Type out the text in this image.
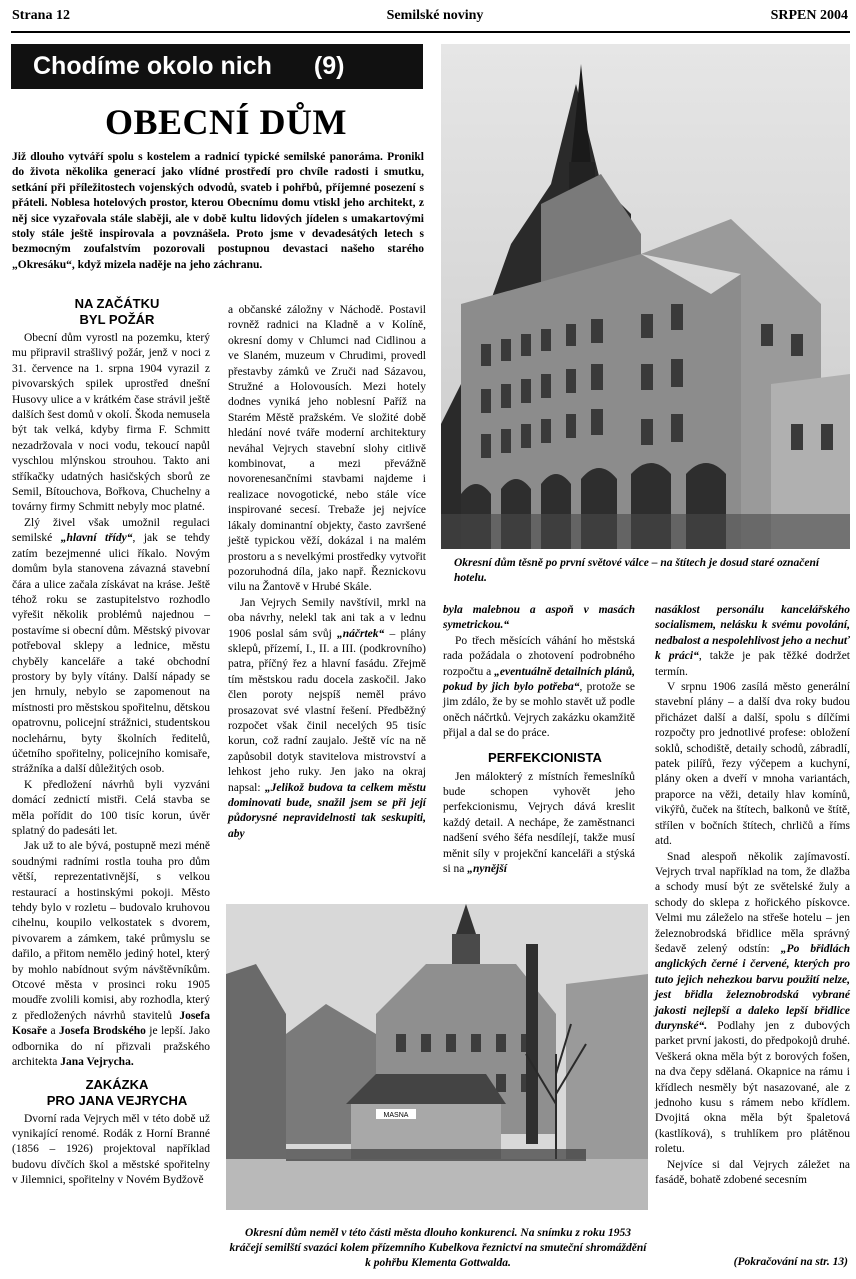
Strana 12	Semilské noviny	SRPEN 2004
Chodíme okolo nich (9)
OBECNÍ DŮM
Již dlouho vytváří spolu s kostelem a radnicí typické semilské panoráma. Pronikl do života několika generací jako vlídné prostředí pro chvíle radosti i smutku, setkání při příležitostech vojenských odvodů, svateb i pohřbů, příjemné posezení s přáteli. Noblesa hotelových prostor, kterou Obecnímu domu vtiskl jeho architekt, z něj sice vyzařovala stále slaběji, ale v době kultu lidových jídelen s umakartovými stoly stále ještě inspirovala a povznášela. Proto jsme v devadesátých letech s bezmocným zoufalstvím pozorovali postupnou devastaci našeho starého „Okresáku“, když mizela naděje na jeho záchranu.
Okresní dům těsně po první světové válce – na štítech je dosud staré označení hotelu.

NA ZAČÁTKU

BYL POŽÁR

Obecní dům vyrostl na pozemku, který mu připravil strašlivý požár, jenž v noci z 31. července na 1. srpna 1904 vyrazil z pivovarských spilek uprostřed dnešní Husovy ulice a v krátkém čase strávil ještě dalších šest domů v okolí. Škoda nemusela být tak velká, kdyby firma F. Schmitt nezadržovala v noci vodu, tekoucí napůl vyschlou mlýnskou strouhou. Takto ani stříkačky udatných hasičských sborů ze Semil, Bítouchova, Bořkova, Chuchelny a továrny firmy Schmitt nebyly moc platné.

Zlý živel však umožnil regulaci semilské „hlavní třídy“, jak se tehdy zatím bezejmenné ulici říkalo. Novým domům byla stanovena závazná stavební čára a ulice začala získávat na kráse. Ještě téhož roku se zastupitelstvo rozhodlo vyřešit několik problémů najednou – postavíme si obecní dům. Městský pivovar potřeboval sklepy a lednice, městu chyběly kanceláře a také obchodní prostory by byly vítány. Další nápady se jen hrnuly, nebylo se zapomenout na místnosti pro městskou spořitelnu, dětskou opatrovnu, policejní strážnici, studentskou noclehárnu, byty školních ředitelů, účetního spořitelny, policejního komisaře, strážníka a další důležitých osob.

K předložení návrhů byli vyzváni domácí zednictí mistři. Celá stavba se měla pořídit do 100 tisíc korun, úvěr splatný do padesáti let.

Jak už to ale bývá, postupně mezi méně soudnými radními rostla touha pro dům větší, reprezentativnější, s velkou restaurací a hostinskými pokoji. Město tehdy bylo v rozletu – budovalo kruhovou cihelnu, koupilo velkostatek s dvorem, pivovarem a zámkem, také průmyslu se dařilo, a přitom nemělo jediný hotel, který by mohlo nabídnout svým návštěvníkům. Otcové města v prosinci roku 1905 moudře zvolili komisi, aby rozhodla, který z předložených návrhů stavitelů Josefa Kosaře a Josefa Brodského je lepší. Jako odbornika do ní přizvali pražského architekta Jana Vejrycha.

ZAKÁZKA

PRO JANA VEJRYCHA

Dvorní rada Vejrych měl v této době už vynikající renomé. Rodák z Horní Branné (1856 – 1926) projektoval například budovu dívčích škol a městské spořitelny v Jilemnici, spořitelny v Novém Bydžově

a občanské záložny v Náchodě. Postavil rovněž radnici na Kladně a v Kolíně, okresní domy v Chlumci nad Cidlinou a ve Slaném, muzeum v Chrudimi, provedl přestavby zámků ve Zruči nad Sázavou, Stružné a Holovousích. Mezi hotely dodnes vyniká jeho noblesní Paříž na Starém Městě pražském. Ve složité době hledání nové tváře moderní architektury neváhal Vejrych stavební slohy citlivě kombinovat, a mezi převážně novorenesančními stavbami najdeme i realizace novogotické, nebo stále více inspirované secesí. Trebaže jej nejvíce lákaly dominantní objekty, často završené ještě typickou věží, dokázal i na malém prostoru a s nevelkými prostředky vytvořit pozoruhodná díla, jako např. Řeznickovu vilu na Žantově v Hrubé Skále.

Jan Vejrych Semily navštívil, mrkl na oba návrhy, nelekl tak ani tak a v lednu 1906 poslal sám svůj „náčrtek“ – plány sklepů, přízemí, I., II. a III. (podkrovního) patra, příčný řez a hlavní fasádu. Zřejmě tím městskou radu docela zaskočil. Jako člen poroty nejspíš neměl právo prosazovat své vlastní řešení. Předběžný rozpočet však činil necelých 95 tisíc korun, což radní zaujalo. Ještě víc na ně zapůsobil dotyk stavitelova mistrovství a lehkost jeho ruky. Jen jako na okraj napsal: „Jelikož budova ta celkem městu dominovati bude, snažil jsem se při její půdorysné nepravidelnosti tak seskupiti, aby

byla malebnou a aspoň v masách symetrickou.“

Po třech měsících váhání ho městská rada požádala o zhotovení podrobného rozpočtu a „eventuálně detailních plánů, pokud by jich bylo potřeba“, protože se jim zdálo, že by se mohlo stavět už podle oněch náčrtků. Vejrych zakázku okamžitě přijal a dal se do práce.

PERFEKCIONISTA

Jen málokterý z místních řemeslníků bude schopen vyhovět jeho perfekcionismu, Vejrych dává kreslit každý detail. A nechápe, že zaměstnanci nadšení svého šéfa nesdílejí, takže musí měnit síly v projekční kanceláři a stýská si na „nynější

nasáklost personálu kancelářského socialismem, nelásku k svému povolání, nedbalost a nespolehlivost jeho a nechuť k práci“, takže je pak těžké dodržet termín.

V srpnu 1906 zasílá město generální stavební plány – a další dva roky budou přicházet další a další, spolu s dílčími rozpočty pro jednotlivé profese: obložení soklů, schodiště, detaily schodů, zábradlí, patek pilířů, řezy výčepem a kuchyní, plány oken a dveří v mnoha variantách, praporce na věži, detaily hlav komínů, vikýřů, čuček na štítech, balkonů ve štítě, střílen v bočních štítech, chrličů a říms atd.

Snad alespoň několik zajímavostí. Vejrych trval například na tom, že dlažba a schody musí být ze světelské žuly a schody do sklepa z hořického pískovce. Velmi mu záleželo na střeše hotelu – jen železnobrodská břidlice měla správný šedavě zelený odstín: „Po břidlách anglických černé i červené, kterých pro tuto jejich nehezkou barvu použití nelze, jest břidla železnobrodská vybrané jakosti nejlepší a daleko lepší břidlice durynské“. Podlahy jen z dubových parket první jakosti, do předpokojů druhé. Veškerá okna měla být z borových fošen, na dva čepy sdělaná. Okapnice na rámu i křídlech nesměly být nasazované, ale z jednoho kusu s rámem nebo křídlem. Dvojitá okna měla být špaletová (kastlíková), s truhlíkem pro plátěnou roletu.

Nejvíce si dal Vejrych záležet na fasádě, bohatě zdobené secesním

MASNA
Okresní dům neměl v této části města dlouho konkurenci. Na snímku z roku 1953 kráčejí semilští svazáci kolem přízemního Kubelkova řeznictví na smuteční shromáždění k pohřbu Klementa Gottwalda.	(Pokračování na str. 13)
